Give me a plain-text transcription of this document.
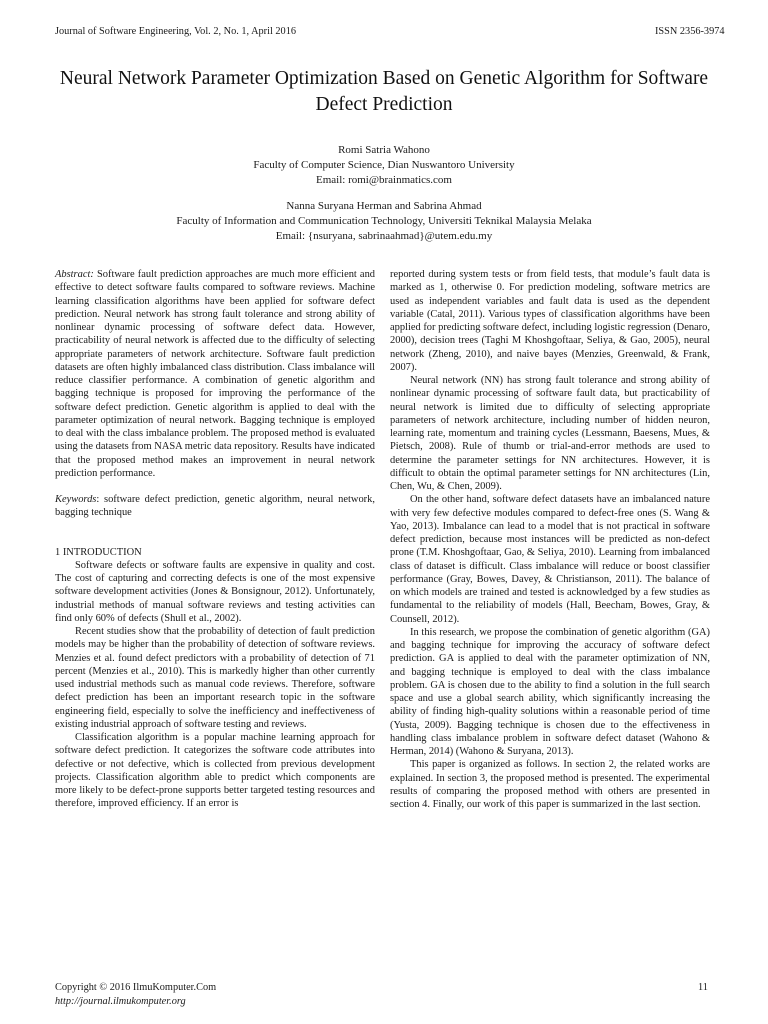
Journal of Software Engineering, Vol. 2, No. 1, April 2016	ISSN 2356-3974
Neural Network Parameter Optimization Based on Genetic Algorithm for Software Defect Prediction
Romi Satria Wahono
Faculty of Computer Science, Dian Nuswantoro University
Email: romi@brainmatics.com
Nanna Suryana Herman and Sabrina Ahmad
Faculty of Information and Communication Technology, Universiti Teknikal Malaysia Melaka
Email: {nsuryana, sabrinaahmad}@utem.edu.my

Abstract: Software fault prediction approaches are much more efficient and effective to detect software faults compared to software reviews. Machine learning classification algorithms have been applied for software defect prediction. Neural network has strong fault tolerance and strong ability of nonlinear dynamic processing of software defect data. However, practicability of neural network is affected due to the difficulty of selecting appropriate parameters of network architecture. Software fault prediction datasets are often highly imbalanced class distribution. Class imbalance will reduce classifier performance. A combination of genetic algorithm and bagging technique is proposed for improving the performance of the software defect prediction. Genetic algorithm is applied to deal with the parameter optimization of neural network. Bagging technique is employed to deal with the class imbalance problem. The proposed method is evaluated using the datasets from NASA metric data repository. Results have indicated that the proposed method makes an improvement in neural network prediction performance.

Keywords: software defect prediction, genetic algorithm, neural network, bagging technique

1 INTRODUCTION

Software defects or software faults are expensive in quality and cost. The cost of capturing and correcting defects is one of the most expensive software development activities (Jones & Bonsignour, 2012). Unfortunately, industrial methods of manual software reviews and testing activities can find only 60% of defects (Shull et al., 2002).

Recent studies show that the probability of detection of fault prediction models may be higher than the probability of detection of software reviews. Menzies et al. found defect predictors with a probability of detection of 71 percent (Menzies et al., 2010). This is markedly higher than other currently used industrial methods such as manual code reviews. Therefore, software defect prediction has been an important research topic in the software engineering field, especially to solve the inefficiency and ineffectiveness of existing industrial approach of software testing and reviews.

Classification algorithm is a popular machine learning approach for software defect prediction. It categorizes the software code attributes into defective or not defective, which is collected from previous development projects. Classification algorithm able to predict which components are more likely to be defect-prone supports better targeted testing resources and therefore, improved efficiency. If an error is

reported during system tests or from field tests, that module’s fault data is marked as 1, otherwise 0. For prediction modeling, software metrics are used as independent variables and fault data is used as the dependent variable (Catal, 2011). Various types of classification algorithms have been applied for predicting software defect, including logistic regression (Denaro, 2000), decision trees (Taghi M Khoshgoftaar, Seliya, & Gao, 2005), neural network (Zheng, 2010), and naive bayes (Menzies, Greenwald, & Frank, 2007).

Neural network (NN) has strong fault tolerance and strong ability of nonlinear dynamic processing of software fault data, but practicability of neural network is limited due to difficulty of selecting appropriate parameters of network architecture, including number of hidden neuron, learning rate, momentum and training cycles (Lessmann, Baesens, Mues, & Pietsch, 2008). Rule of thumb or trial-and-error methods are used to determine the parameter settings for NN architectures. However, it is difficult to obtain the optimal parameter settings for NN architectures (Lin, Chen, Wu, & Chen, 2009).

On the other hand, software defect datasets have an imbalanced nature with very few defective modules compared to defect-free ones (S. Wang & Yao, 2013). Imbalance can lead to a model that is not practical in software defect prediction, because most instances will be predicted as non-defect prone (T.M. Khoshgoftaar, Gao, & Seliya, 2010). Learning from imbalanced class of dataset is difficult. Class imbalance will reduce or boost classifier performance (Gray, Bowes, Davey, & Christianson, 2011). The balance of on which models are trained and tested is acknowledged by a few studies as fundamental to the reliability of models (Hall, Beecham, Bowes, Gray, & Counsell, 2012).

In this research, we propose the combination of genetic algorithm (GA) and bagging technique for improving the accuracy of software defect prediction. GA is applied to deal with the parameter optimization of NN, and bagging technique is employed to deal with the class imbalance problem. GA is chosen due to the ability to find a solution in the full search space and use a global search ability, which significantly increasing the ability of finding high-quality solutions within a reasonable period of time (Yusta, 2009). Bagging technique is chosen due to the effectiveness in handling class imbalance problem in software defect dataset (Wahono & Herman, 2014) (Wahono & Suryana, 2013).

This paper is organized as follows. In section 2, the related works are explained. In section 3, the proposed method is presented. The experimental results of comparing the proposed method with others are presented in section 4. Finally, our work of this paper is summarized in the last section.

Copyright © 2016 IlmuKomputer.Com
http://journal.ilmukomputer.org
11
